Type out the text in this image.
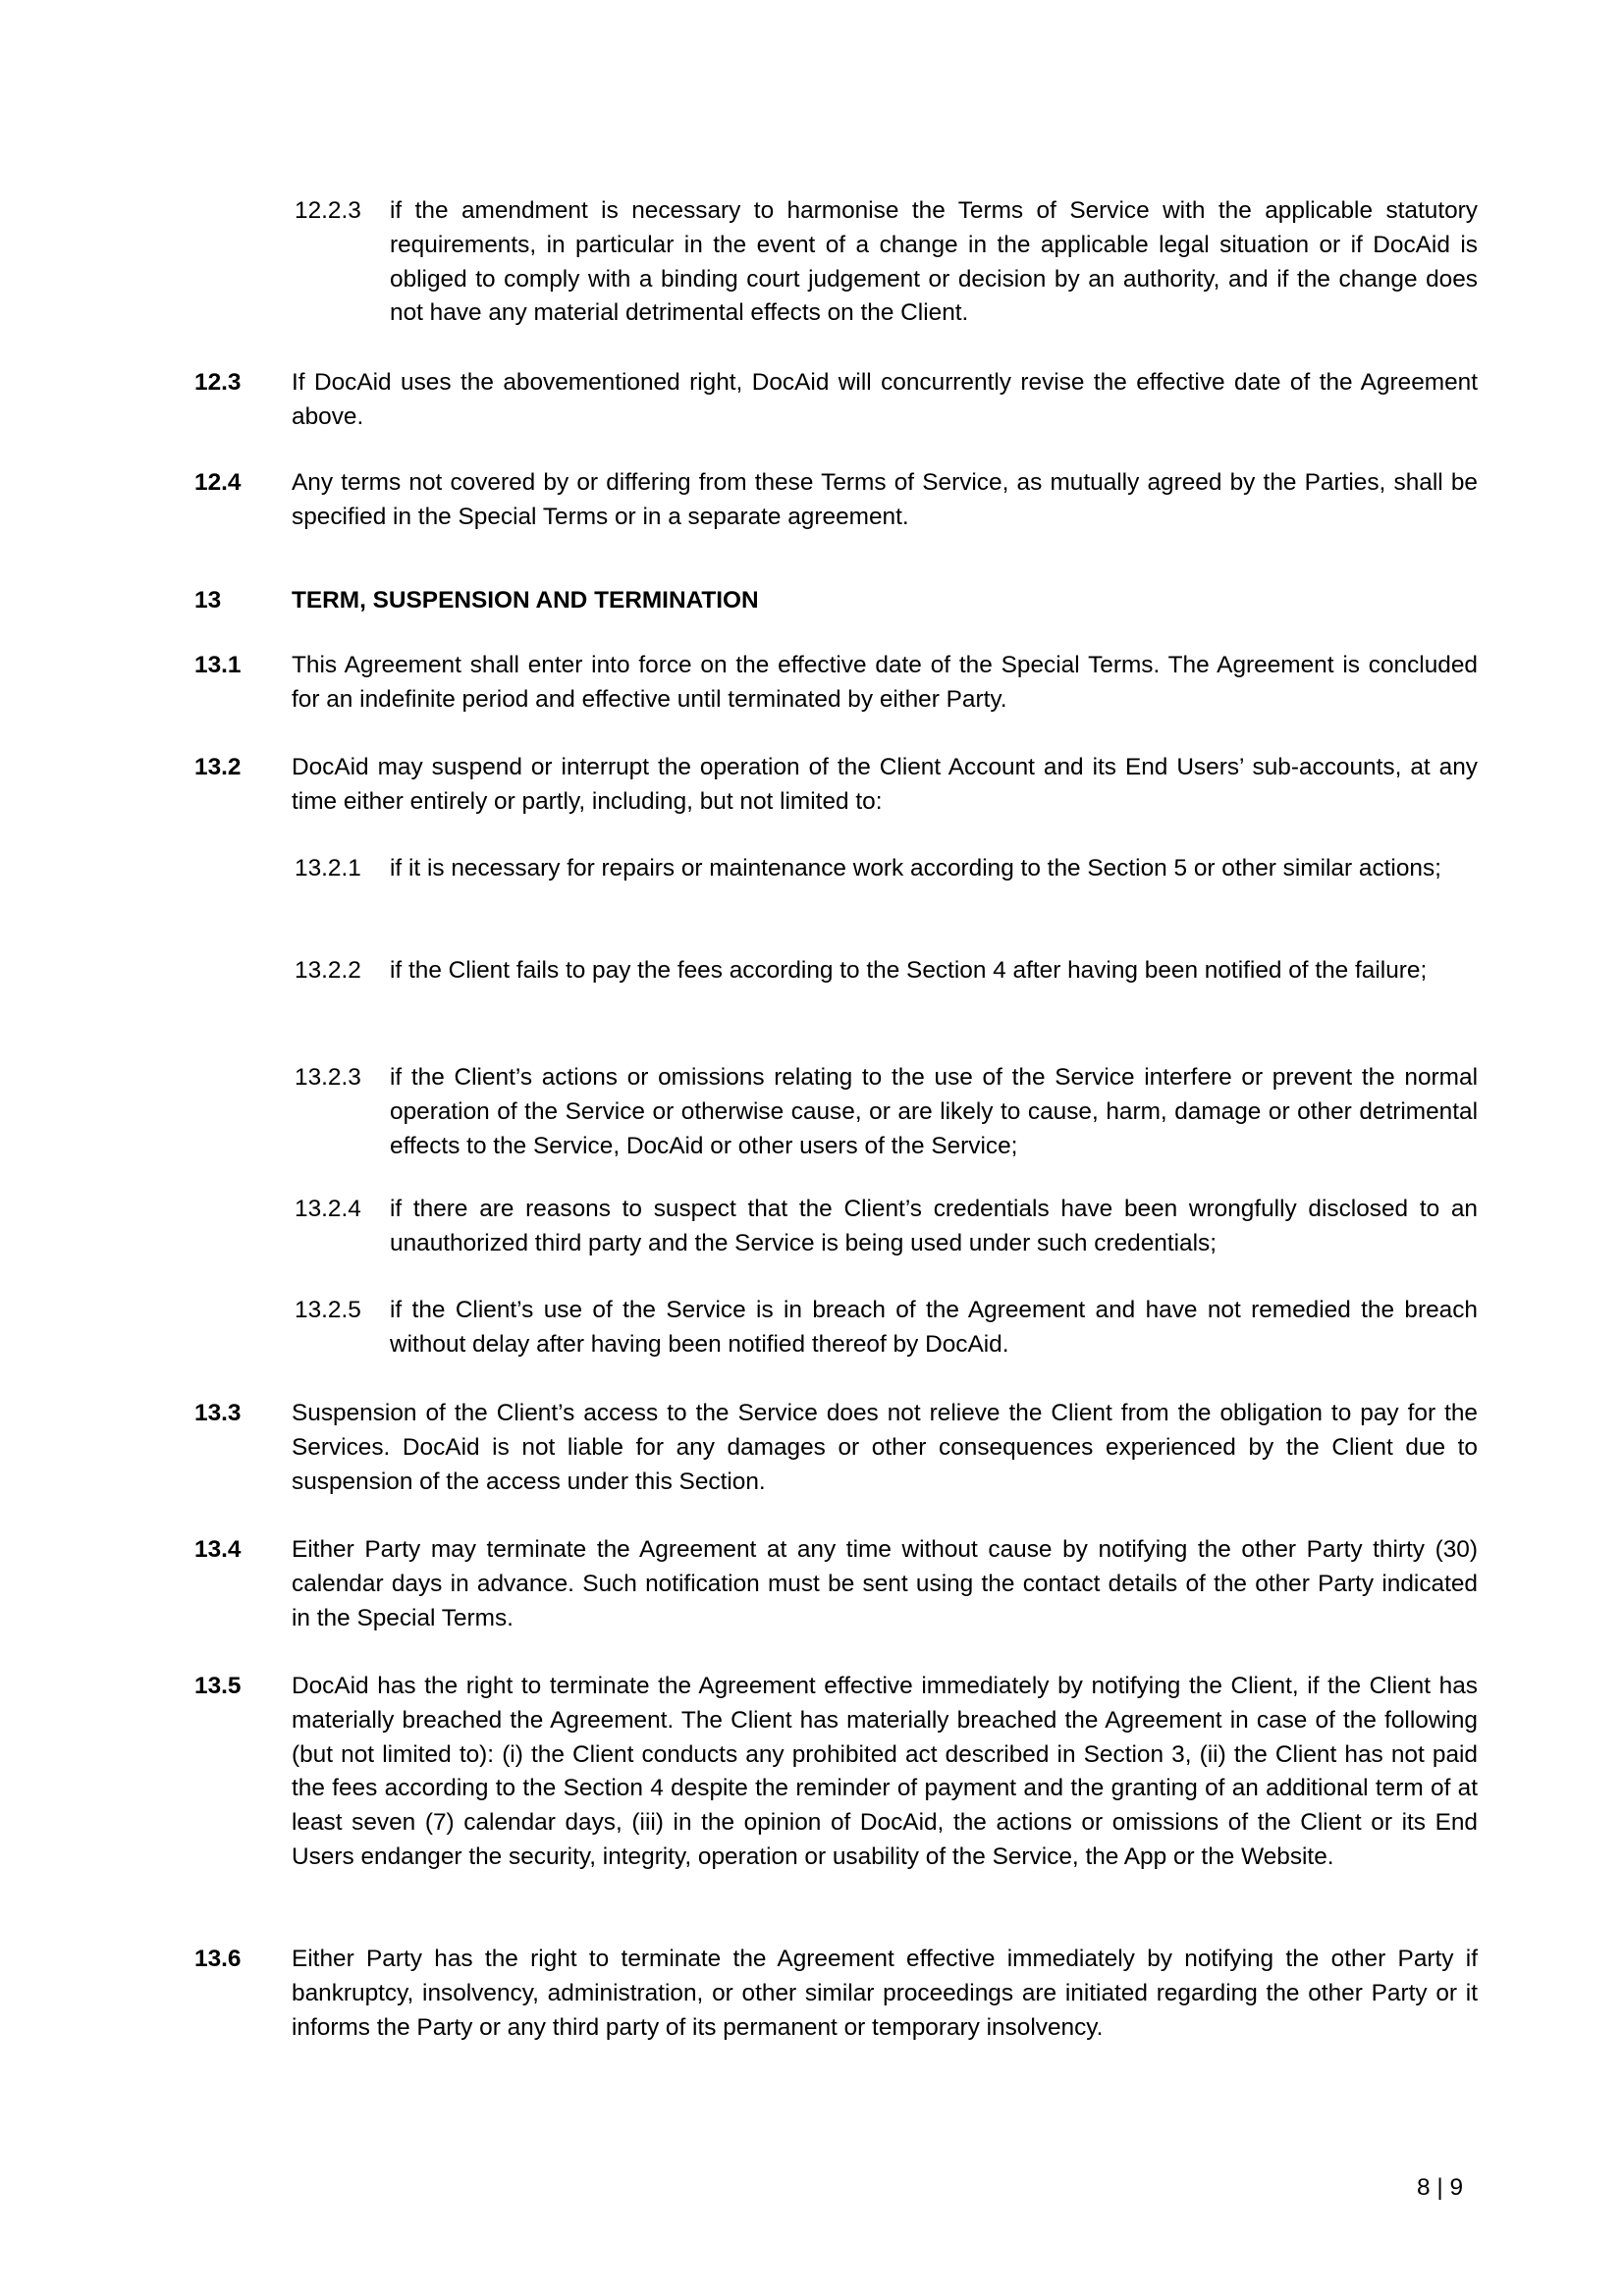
12.2.3 if the amendment is necessary to harmonise the Terms of Service with the applicable statutory requirements, in particular in the event of a change in the applicable legal situation or if DocAid is obliged to comply with a binding court judgement or decision by an authority, and if the change does not have any material detrimental effects on the Client.
12.3 If DocAid uses the abovementioned right, DocAid will concurrently revise the effective date of the Agreement above.
12.4 Any terms not covered by or differing from these Terms of Service, as mutually agreed by the Parties, shall be specified in the Special Terms or in a separate agreement.
13	TERM, SUSPENSION AND TERMINATION
13.1 This Agreement shall enter into force on the effective date of the Special Terms. The Agreement is concluded for an indefinite period and effective until terminated by either Party.
13.2 DocAid may suspend or interrupt the operation of the Client Account and its End Users’ sub-accounts, at any time either entirely or partly, including, but not limited to:
13.2.1 if it is necessary for repairs or maintenance work according to the Section 5 or other similar actions;
13.2.2 if the Client fails to pay the fees according to the Section 4 after having been notified of the failure;
13.2.3 if the Client’s actions or omissions relating to the use of the Service interfere or prevent the normal operation of the Service or otherwise cause, or are likely to cause, harm, damage or other detrimental effects to the Service, DocAid or other users of the Service;
13.2.4 if there are reasons to suspect that the Client’s credentials have been wrongfully disclosed to an unauthorized third party and the Service is being used under such credentials;
13.2.5 if the Client’s use of the Service is in breach of the Agreement and have not remedied the breach without delay after having been notified thereof by DocAid.
13.3 Suspension of the Client’s access to the Service does not relieve the Client from the obligation to pay for the Services. DocAid is not liable for any damages or other consequences experienced by the Client due to suspension of the access under this Section.
13.4 Either Party may terminate the Agreement at any time without cause by notifying the other Party thirty (30) calendar days in advance. Such notification must be sent using the contact details of the other Party indicated in the Special Terms.
13.5 DocAid has the right to terminate the Agreement effective immediately by notifying the Client, if the Client has materially breached the Agreement. The Client has materially breached the Agreement in case of the following (but not limited to): (i) the Client conducts any prohibited act described in Section 3, (ii) the Client has not paid the fees according to the Section 4 despite the reminder of payment and the granting of an additional term of at least seven (7) calendar days, (iii) in the opinion of DocAid, the actions or omissions of the Client or its End Users endanger the security, integrity, operation or usability of the Service, the App or the Website.
13.6 Either Party has the right to terminate the Agreement effective immediately by notifying the other Party if bankruptcy, insolvency, administration, or other similar proceedings are initiated regarding the other Party or it informs the Party or any third party of its permanent or temporary insolvency.
8 | 9
